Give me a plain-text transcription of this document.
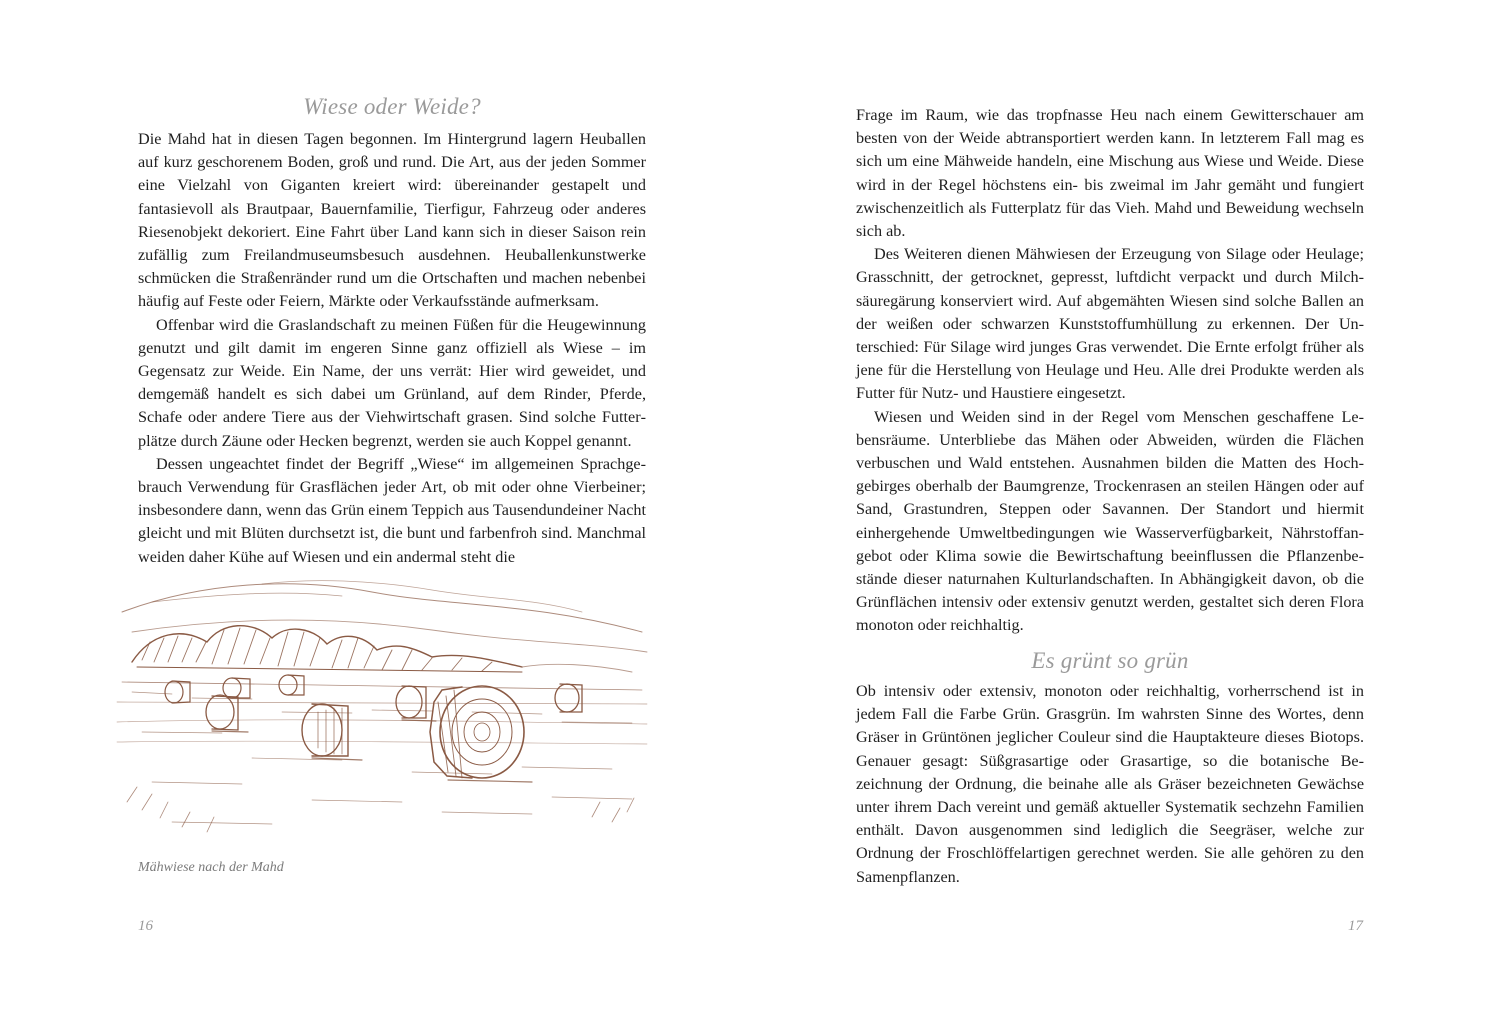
Wiese oder Weide?

Die Mahd hat in diesen Tagen begonnen. Im Hintergrund lagern Heuballen auf kurz geschorenem Boden, groß und rund. Die Art, aus der jeden Sommer eine Vielzahl von Giganten kreiert wird: übereinander gestapelt und fantasievoll als Brautpaar, Bauernfamilie, Tierfigur, Fahrzeug oder anderes Riesenobjekt dekoriert. Eine Fahrt über Land kann sich in dieser Saison rein zufällig zum Freilandmuseumsbesuch ausdehnen. Heuballenkunstwerke schmücken die Straßenränder rund um die Ortschaften und machen nebenbei häufig auf Feste oder Feiern, Märkte oder Verkaufsstände aufmerksam.

Offenbar wird die Graslandschaft zu meinen Füßen für die Heugewinnung genutzt und gilt damit im engeren Sinne ganz offiziell als Wiese – im Gegensatz zur Weide. Ein Name, der uns verrät: Hier wird geweidet, und demgemäß handelt es sich dabei um Grünland, auf dem Rinder, Pferde, Schafe oder andere Tiere aus der Viehwirtschaft grasen. Sind solche Futterplätze durch Zäune oder Hecken begrenzt, werden sie auch Koppel genannt.

Dessen ungeachtet findet der Begriff „Wiese“ im allgemeinen Sprachgebrauch Verwendung für Grasflächen jeder Art, ob mit oder ohne Vierbeiner; insbesondere dann, wenn das Grün einem Teppich aus Tausendundeiner Nacht gleicht und mit Blüten durchsetzt ist, die bunt und farbenfroh sind. Manchmal weiden daher Kühe auf Wiesen und ein andermal steht die

Mähwiese nach der Mahd
16

Frage im Raum, wie das tropfnasse Heu nach einem Gewitterschauer am besten von der Weide abtransportiert werden kann. In letzterem Fall mag es sich um eine Mähweide handeln, eine Mischung aus Wiese und Weide. Diese wird in der Regel höchstens ein- bis zweimal im Jahr gemäht und fungiert zwischenzeitlich als Futterplatz für das Vieh. Mahd und Beweidung wechseln sich ab.

Des Weiteren dienen Mähwiesen der Erzeugung von Silage oder Heulage; Grasschnitt, der getrocknet, gepresst, luftdicht verpackt und durch Milchsäuregärung konserviert wird. Auf abgemähten Wiesen sind solche Ballen an der weißen oder schwarzen Kunststoffumhüllung zu erkennen. Der Unterschied: Für Silage wird junges Gras verwendet. Die Ernte erfolgt früher als jene für die Herstellung von Heulage und Heu. Alle drei Produkte werden als Futter für Nutz- und Haustiere eingesetzt.

Wiesen und Weiden sind in der Regel vom Menschen geschaffene Lebensräume. Unterbliebe das Mähen oder Abweiden, würden die Flächen verbuschen und Wald entstehen. Ausnahmen bilden die Matten des Hochgebirges oberhalb der Baumgrenze, Trockenrasen an steilen Hängen oder auf Sand, Grastundren, Steppen oder Savannen. Der Standort und hiermit einhergehende Umweltbedingungen wie Wasserverfügbarkeit, Nährstoffangebot oder Klima sowie die Bewirtschaftung beeinflussen die Pflanzenbestände dieser naturnahen Kulturlandschaften. In Abhängigkeit davon, ob die Grünflächen intensiv oder extensiv genutzt werden, gestaltet sich deren Flora monoton oder reichhaltig.

Es grünt so grün

Ob intensiv oder extensiv, monoton oder reichhaltig, vorherrschend ist in jedem Fall die Farbe Grün. Grasgrün. Im wahrsten Sinne des Wortes, denn Gräser in Grüntönen jeglicher Couleur sind die Hauptakteure dieses Biotops. Genauer gesagt: Süßgrasartige oder Grasartige, so die botanische Bezeichnung der Ordnung, die beinahe alle als Gräser bezeichneten Gewächse unter ihrem Dach vereint und gemäß aktueller Systematik sechzehn Familien enthält. Davon ausgenommen sind lediglich die Seegräser, welche zur Ordnung der Froschlöffelartigen gerechnet werden. Sie alle gehören zu den Samenpflanzen.

17
